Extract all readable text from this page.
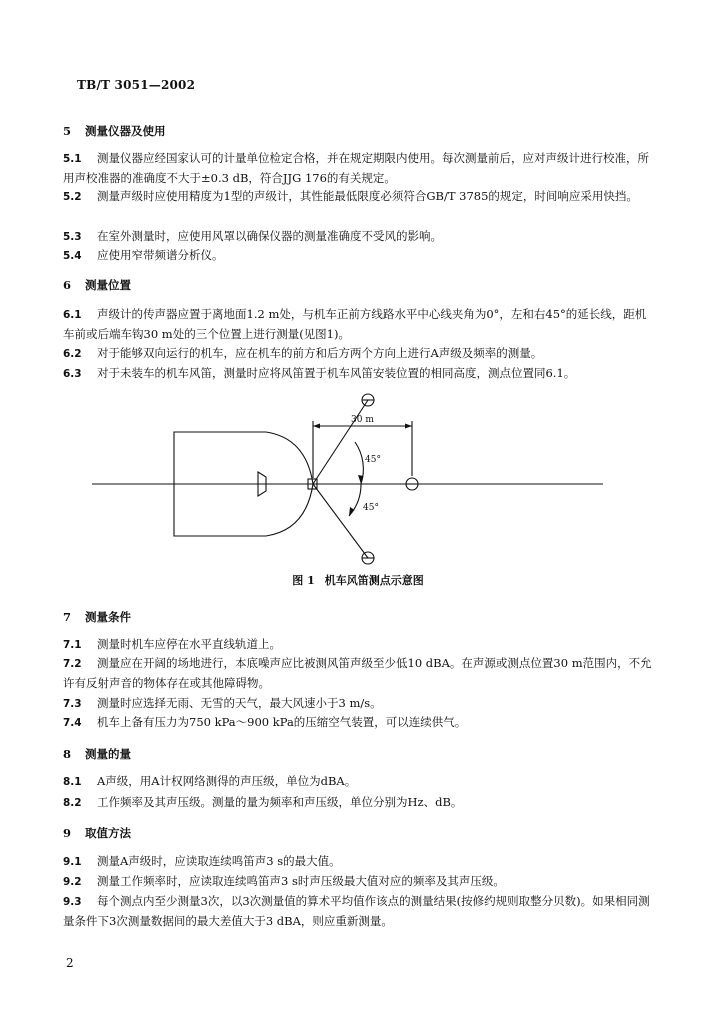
TB/T 3051—2002
5 测量仪器及使用
5.1 测量仪器应经国家认可的计量单位检定合格，并在规定期限内使用。每次测量前后，应对声级计进行校准，所用声校准器的准确度不大于±0.3 dB，符合JJG 176的有关规定。
5.2 测量声级时应使用精度为1型的声级计，其性能最低限度必须符合GB/T 3785的规定，时间响应采用快挡。
5.3 在室外测量时，应使用风罩以确保仪器的测量准确度不受风的影响。
5.4 应使用窄带频谱分析仪。
6 测量位置
6.1 声级计的传声器应置于离地面1.2 m处，与机车正前方线路水平中心线夹角为0°，左和右45°的延长线，距机车前或后端车钩30 m处的三个位置上进行测量(见图1)。
6.2 对于能够双向运行的机车，应在机车的前方和后方两个方向上进行A声级及频率的测量。
6.3 对于未装车的机车风笛，测量时应将风笛置于机车风笛安装位置的相同高度，测点位置同6.1。
30 m
45°
45°
图 1 机车风笛测点示意图
7 测量条件
7.1 测量时机车应停在水平直线轨道上。
7.2 测量应在开阔的场地进行，本底噪声应比被测风笛声级至少低10 dBA。在声源或测点位置30 m范围内，不允许有反射声音的物体存在或其他障碍物。
7.3 测量时应选择无雨、无雪的天气，最大风速小于3 m/s。
7.4 机车上备有压力为750 kPa～900 kPa的压缩空气装置，可以连续供气。
8 测量的量
8.1 A声级，用A计权网络测得的声压级，单位为dBA。
8.2 工作频率及其声压级。测量的量为频率和声压级，单位分别为Hz、dB。
9 取值方法
9.1 测量A声级时，应读取连续鸣笛声3 s的最大值。
9.2 测量工作频率时，应读取连续鸣笛声3 s时声压级最大值对应的频率及其声压级。
9.3 每个测点内至少测量3次，以3次测量值的算术平均值作该点的测量结果(按修约规则取整分贝数)。如果相同测量条件下3次测量数据间的最大差值大于3 dBA，则应重新测量。
2
